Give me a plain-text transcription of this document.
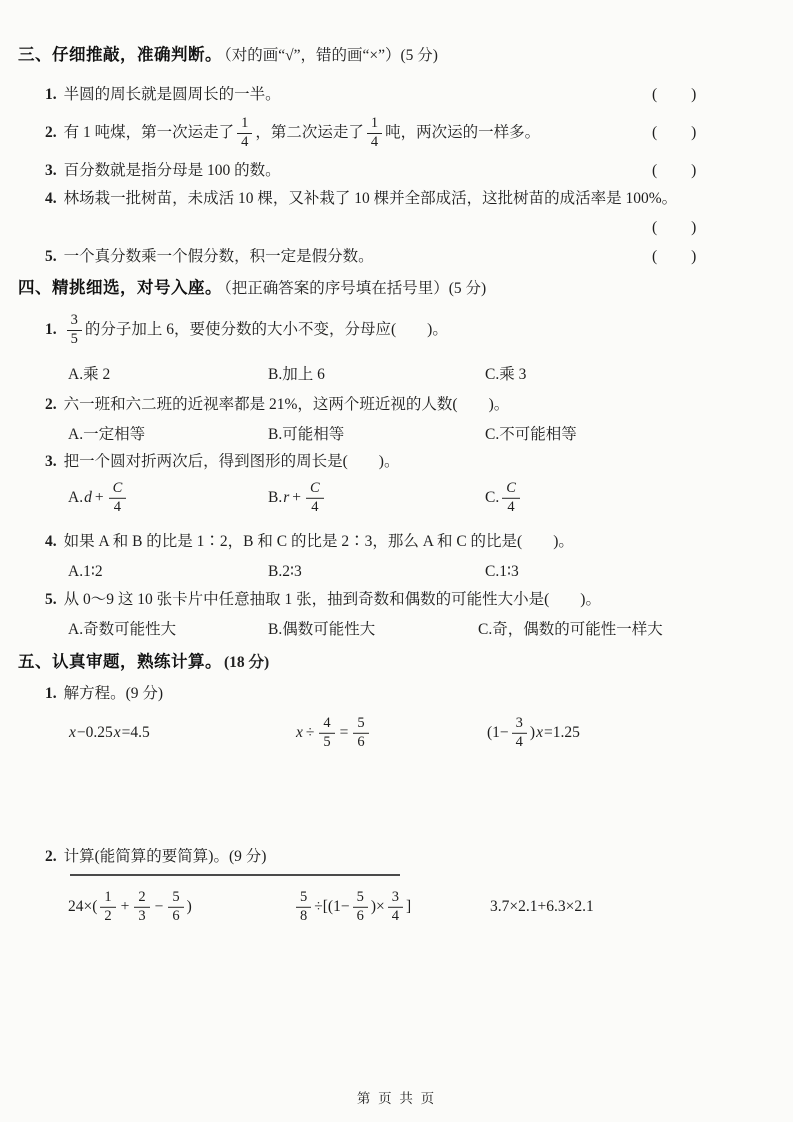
三、仔细推敲，准确判断。 （对的画“√”，错的画“×”）(5 分)
1. 半圆的周长就是圆周长的一半。	(　　)
2. 有 1 吨煤，第一次运走了 $\frac{1}{4}$ ，第二次运走了 $\frac{1}{4}$ 吨，两次运的一样多。	(　　)
3. 百分数就是指分母是 100 的数。	(　　)
4. 林场栽一批树苗，未成活 10 棵，又补栽了 10 棵并全部成活，这批树苗的成活率是 100%。
(　　)
5. 一个真分数乘一个假分数，积一定是假分数。	(　　)
四、精挑细选，对号入座。 （把正确答案的序号填在括号里）(5 分)
1. $\frac{3}{5}$ 的分子加上 6，要使分数的大小不变，分母应(　　)。
A.乘 2	B.加上 6	C.乘 3
2. 六一班和六二班的近视率都是 21%，这两个班近视的人数(　　)。
A.一定相等	B.可能相等	C.不可能相等
3. 把一个圆对折两次后，得到图形的周长是(　　)。
A. $d + \frac{C}{4}$	B. $r + \frac{C}{4}$	C. $\frac{C}{4}$
4. 如果 A 和 B 的比是 1∶2，B 和 C 的比是 2∶3，那么 A 和 C 的比是(　　)。
A.1∶2	B.2∶3	C.1∶3
5. 从 0～9 这 10 张卡片中任意抽取 1 张，抽到奇数和偶数的可能性大小是(　　)。
A.奇数可能性大	B.偶数可能性大	C.奇，偶数的可能性一样大
五、认真审题，熟练计算。 (18 分)
1. 解方程。(9 分)
x −0.25 x =4.5	$x \div \frac{4}{5} = \frac{5}{6}$	($1- \frac{3}{4}$ ) x =1.25
2. 计算(能简算的要简算)。(9 分)
$24\times( \frac{1}{2} + \frac{2}{3} - \frac{5}{6}$ )	$\frac{5}{8} \div[(1- \frac{5}{6}$ )× $\frac{3}{4}$ ]	3.7×2.1+6.3×2.1
第 页 共 页
